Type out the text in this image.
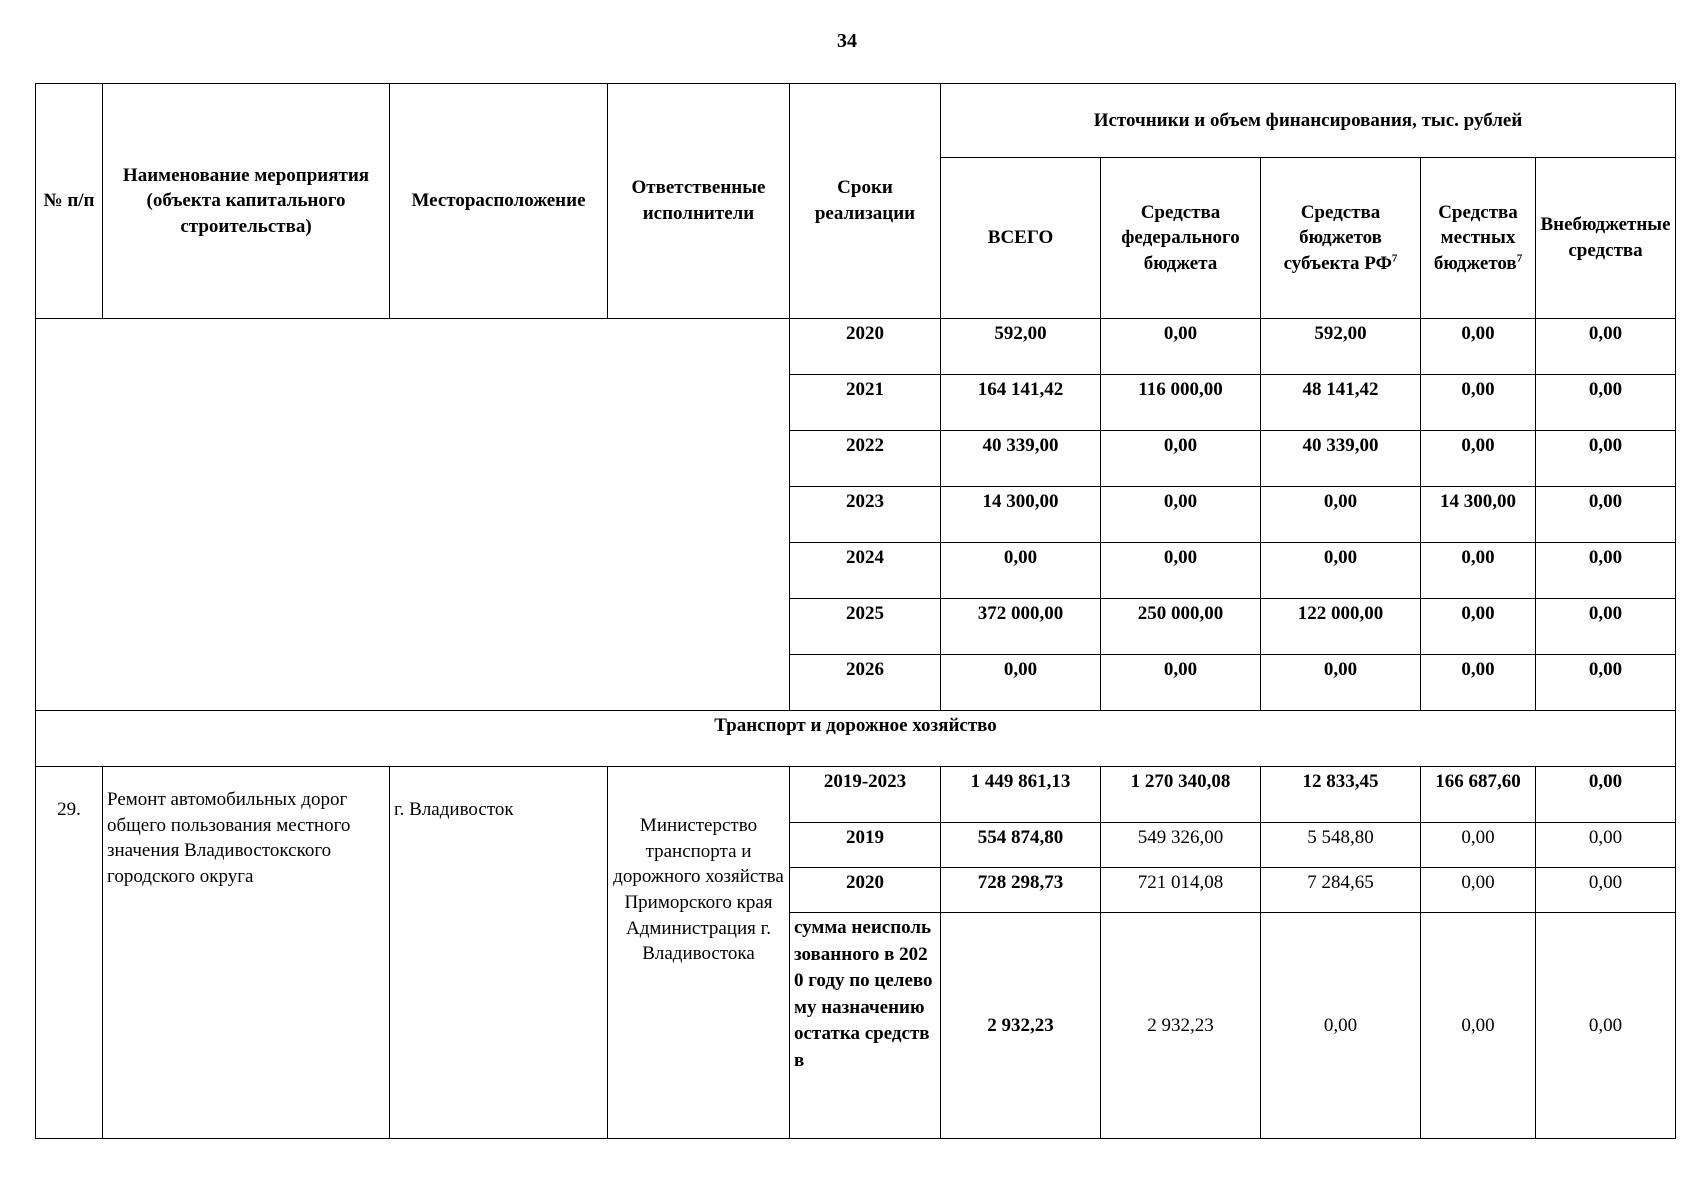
34
№ п/п	Наименование мероприятия (объекта капитального строительства)	Месторасположение	Ответственные исполнители	Сроки реализации	Источники и объем финансирования, тыс. рублей				
					ВСЕГО	Средства федерального бюджета	Средства бюджетов субъекта $РФ^7$	Средства местных бюджетов$^7$	Внебюджетные средства
				2020	592,00	0,00	592,00	0,00	0,00
				2021	164 141,42	116 000,00	48 141,42	0,00	0,00
				2022	40 339,00	0,00	40 339,00	0,00	0,00
				2023	14 300,00	0,00	0,00	14 300,00	0,00
				2024	0,00	0,00	0,00	0,00	0,00
				2025	372 000,00	250 000,00	122 000,00	0,00	0,00
				2026	0,00	0,00	0,00	0,00	0,00
Транспорт и дорожное хозяйство									
29.	Ремонт автомобильных дорог общего пользования местного значения Владивостокского городского округа	г. Владивосток	Министерство транспорта и дорожного хозяйства Приморского края Администрация г. Владивостока	2019-2023	1 449 861,13	1 270 340,08	12 833,45	166 687,60	0,00
				2019	554 874,80	549 326,00	5 548,80	0,00	0,00
				2020	728 298,73	721 014,08	7 284,65	0,00	0,00
				сумма неиспользованного в 2020 году по целевому назначению остатка средств в	2 932,23	2 932,23	0,00	0,00	0,00
